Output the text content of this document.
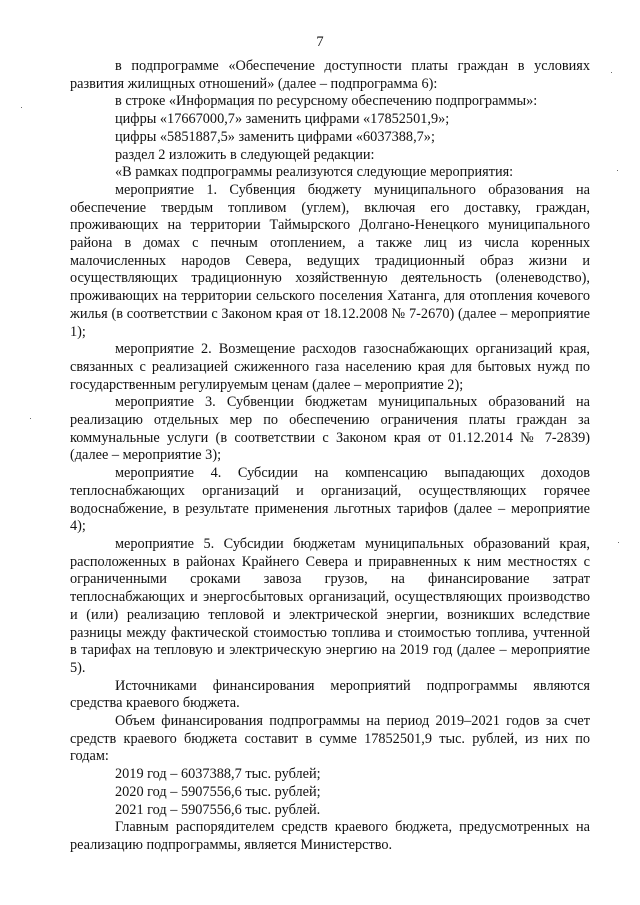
7

в подпрограмме «Обеспечение доступности платы граждан в условиях развития жилищных отношений» (далее – подпрограмма 6):

в строке «Информация по ресурсному обеспечению подпрограммы»:

цифры «17667000,7» заменить цифрами «17852501,9»;

цифры «5851887,5» заменить цифрами «6037388,7»;

раздел 2 изложить в следующей редакции:

«В рамках подпрограммы реализуются следующие мероприятия:

мероприятие 1. Субвенция бюджету муниципального образования на обеспечение твердым топливом (углем), включая его доставку, граждан, проживающих на территории Таймырского Долгано-Ненецкого муниципального района в домах с печным отоплением, а также лиц из числа коренных малочисленных народов Севера, ведущих традиционный образ жизни и осуществляющих традиционную хозяйственную деятельность (оленеводство), проживающих на территории сельского поселения Хатанга, для отопления кочевого жилья (в соответствии с Законом края от 18.12.2008 № 7-2670) (далее – мероприятие 1);

мероприятие 2. Возмещение расходов газоснабжающих организаций края, связанных с реализацией сжиженного газа населению края для бытовых нужд по государственным регулируемым ценам (далее – мероприятие 2);

мероприятие 3. Субвенции бюджетам муниципальных образований на реализацию отдельных мер по обеспечению ограничения платы граждан за коммунальные услуги (в соответствии с Законом края от 01.12.2014 № 7-2839) (далее – мероприятие 3);

мероприятие 4. Субсидии на компенсацию выпадающих доходов теплоснабжающих организаций и организаций, осуществляющих горячее водоснабжение, в результате применения льготных тарифов (далее – мероприятие 4);

мероприятие 5. Субсидии бюджетам муниципальных образований края, расположенных в районах Крайнего Севера и приравненных к ним местностях с ограниченными сроками завоза грузов, на финансирование затрат теплоснабжающих и энергосбытовых организаций, осуществляющих производство и (или) реализацию тепловой и электрической энергии, возникших вследствие разницы между фактической стоимостью топлива и стоимостью топлива, учтенной в тарифах на тепловую и электрическую энергию на 2019 год (далее – мероприятие 5).

Источниками финансирования мероприятий подпрограммы являются средства краевого бюджета.

Объем финансирования подпрограммы на период 2019–2021 годов за счет средств краевого бюджета составит в сумме 17852501,9 тыс. рублей, из них по годам:

2019 год – 6037388,7 тыс. рублей;

2020 год – 5907556,6 тыс. рублей;

2021 год – 5907556,6 тыс. рублей.

Главным распорядителем средств краевого бюджета, предусмотренных на реализацию подпрограммы, является Министерство.
